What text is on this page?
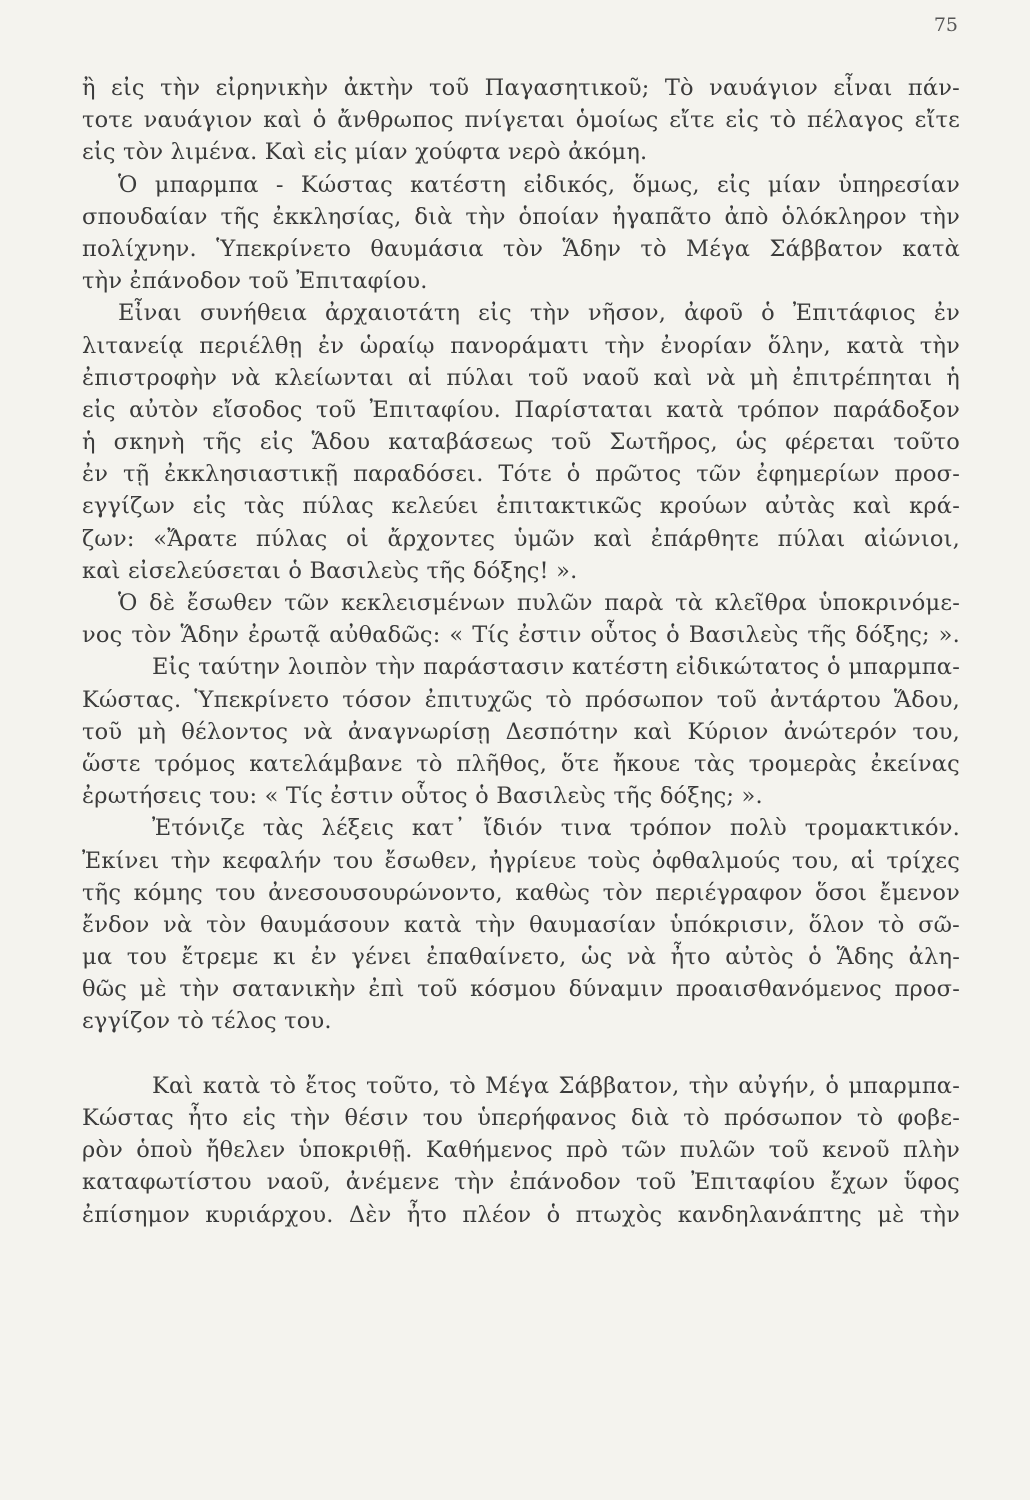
75
ἢ εἰς τὴν εἰρηνικὴν ἀκτὴν τοῦ Παγασητικοῦ; Τὸ ναυάγιον εἶναι πάν-
τοτε ναυάγιον καὶ ὁ ἄνθρωπος πνίγεται ὁμοίως εἴτε εἰς τὸ πέλαγος εἴτε
εἰς τὸν λιμένα. Καὶ εἰς μίαν χούφτα νερὸ ἀκόμη.
Ὁ μπαρμπα - Κώστας κατέστη εἰδικός, ὅμως, εἰς μίαν ὑπηρεσίαν
σπουδαίαν τῆς ἐκκλησίας, διὰ τὴν ὁποίαν ἠγαπᾶτο ἀπὸ ὁλόκληρον τὴν
πολίχνην. Ὑπεκρίνετο θαυμάσια τὸν Ἅδην τὸ Μέγα Σάββατον κατὰ
τὴν ἐπάνοδον τοῦ Ἐπιταφίου.
Εἶναι συνήθεια ἀρχαιοτάτη εἰς τὴν νῆσον, ἀφοῦ ὁ Ἐπιτάφιος ἐν
λιτανείᾳ περιέλθῃ ἐν ὡραίῳ πανοράματι τὴν ἐνορίαν ὅλην, κατὰ τὴν
ἐπιστροφὴν νὰ κλείωνται αἱ πύλαι τοῦ ναοῦ καὶ νὰ μὴ ἐπιτρέπηται ἡ
εἰς αὐτὸν εἴσοδος τοῦ Ἐπιταφίου. Παρίσταται κατὰ τρόπον παράδοξον
ἡ σκηνὴ τῆς εἰς Ἅδου καταβάσεως τοῦ Σωτῆρος, ὡς φέρεται τοῦτο
ἐν τῇ ἐκκλησιαστικῇ παραδόσει. Τότε ὁ πρῶτος τῶν ἐφημερίων προσ-
εγγίζων εἰς τὰς πύλας κελεύει ἐπιτακτικῶς κρούων αὐτὰς καὶ κρά-
ζων: «Ἄρατε πύλας οἱ ἄρχοντες ὑμῶν καὶ ἐπάρθητε πύλαι αἰώνιοι,
καὶ εἰσελεύσεται ὁ Βασιλεὺς τῆς δόξης! ».
Ὁ δὲ ἔσωθεν τῶν κεκλεισμένων πυλῶν παρὰ τὰ κλεῖθρα ὑποκρινόμε-
νος τὸν Ἅδην ἐρωτᾷ αὐθαδῶς: « Τίς ἐστιν οὗτος ὁ Βασιλεὺς τῆς δόξης; ».
Εἰς ταύτην λοιπὸν τὴν παράστασιν κατέστη εἰδικώτατος ὁ μπαρμπα-
Κώστας. Ὑπεκρίνετο τόσον ἐπιτυχῶς τὸ πρόσωπον τοῦ ἀντάρτου Ἅδου,
τοῦ μὴ θέλοντος νὰ ἀναγνωρίσῃ Δεσπότην καὶ Κύριον ἀνώτερόν του,
ὥστε τρόμος κατελάμβανε τὸ πλῆθος, ὅτε ἤκουε τὰς τρομερὰς ἐκείνας
ἐρωτήσεις του: « Τίς ἐστιν οὗτος ὁ Βασιλεὺς τῆς δόξης; ».
Ἐτόνιζε τὰς λέξεις κατ᾽ ἴδιόν τινα τρόπον πολὺ τρομακτικόν.
Ἐκίνει τὴν κεφαλήν του ἔσωθεν, ἠγρίευε τοὺς ὀφθαλμούς του, αἱ τρίχες
τῆς κόμης του ἀνεσουσουρώνοντο, καθὼς τὸν περιέγραφον ὅσοι ἔμενον
ἔνδον νὰ τὸν θαυμάσουν κατὰ τὴν θαυμασίαν ὑπόκρισιν, ὅλον τὸ σῶ-
μα του ἔτρεμε κι ἐν γένει ἐπαθαίνετο, ὡς νὰ ἦτο αὐτὸς ὁ Ἅδης ἀλη-
θῶς μὲ τὴν σατανικὴν ἐπὶ τοῦ κόσμου δύναμιν προαισθανόμενος προσ-
εγγίζον τὸ τέλος του.
Καὶ κατὰ τὸ ἔτος τοῦτο, τὸ Μέγα Σάββατον, τὴν αὐγήν, ὁ μπαρμπα-
Κώστας ἦτο εἰς τὴν θέσιν του ὑπερήφανος διὰ τὸ πρόσωπον τὸ φοβε-
ρὸν ὁποὺ ἤθελεν ὑποκριθῇ. Καθήμενος πρὸ τῶν πυλῶν τοῦ κενοῦ πλὴν
καταφωτίστου ναοῦ, ἀνέμενε τὴν ἐπάνοδον τοῦ Ἐπιταφίου ἔχων ὕφος
ἐπίσημον κυριάρχου. Δὲν ἦτο πλέον ὁ πτωχὸς κανδηλανάπτης μὲ τὴν
